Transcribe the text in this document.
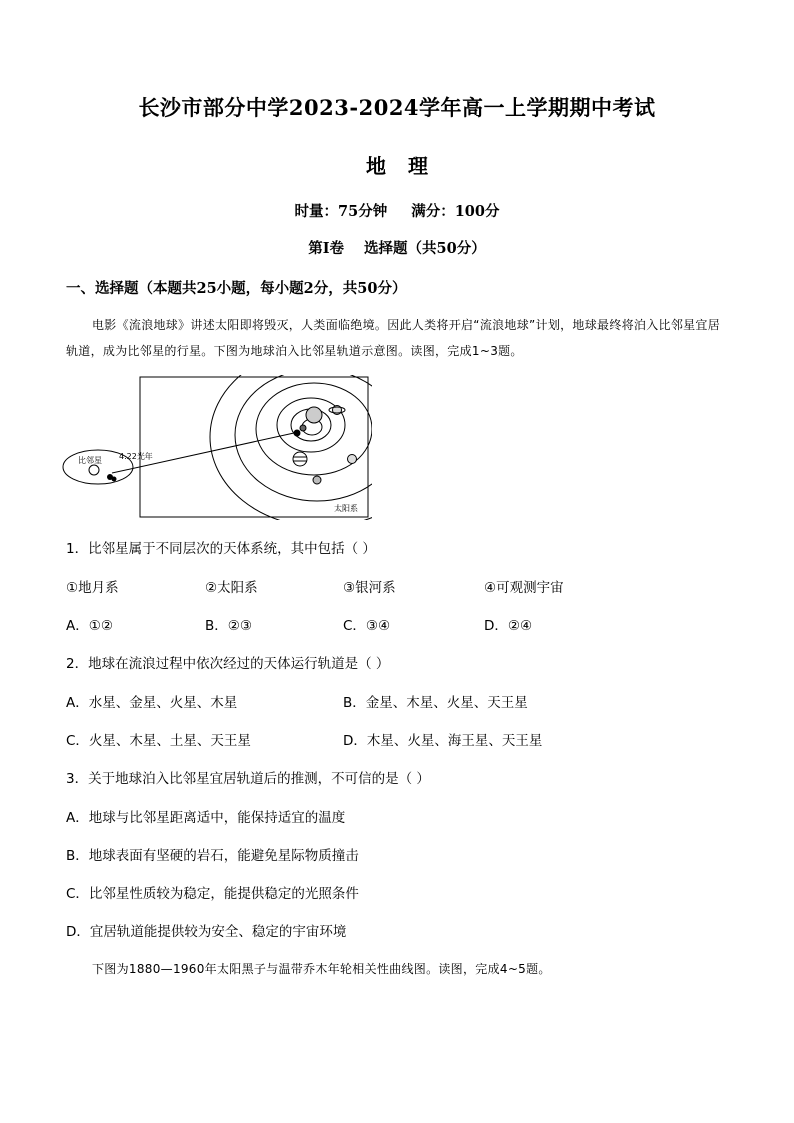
长沙市部分中学2023-2024学年高一上学期期中考试
地 理
时量：75分钟 满分：100分
第Ⅰ卷 选择题（共50分）
一、选择题（本题共25小题，每小题2分，共50分）
电影《流浪地球》讲述太阳即将毁灭，人类面临绝境。因此人类将开启“流浪地球”计划，地球最终将泊入比邻星宜居轨道，成为比邻星的行星。下图为地球泊入比邻星轨道示意图。读图，完成1~3题。
比邻星 4.22光年
太阳系
1．比邻星属于不同层次的天体系统，其中包括（ ）
①地月系	②太阳系	③银河系	④可观测宇宙
A．①②	B．②③	C．③④	D．②④
2．地球在流浪过程中依次经过的天体运行轨道是（ ）
A．水星、金星、火星、木星	B．金星、木星、火星、天王星
C．火星、木星、土星、天王星	D．木星、火星、海王星、天王星
3．关于地球泊入比邻星宜居轨道后的推测，不可信的是（ ）
A．地球与比邻星距离适中，能保持适宜的温度
B．地球表面有坚硬的岩石，能避免星际物质撞击
C．比邻星性质较为稳定，能提供稳定的光照条件
D．宜居轨道能提供较为安全、稳定的宇宙环境
下图为1880—1960年太阳黑子与温带乔木年轮相关性曲线图。读图，完成4~5题。
